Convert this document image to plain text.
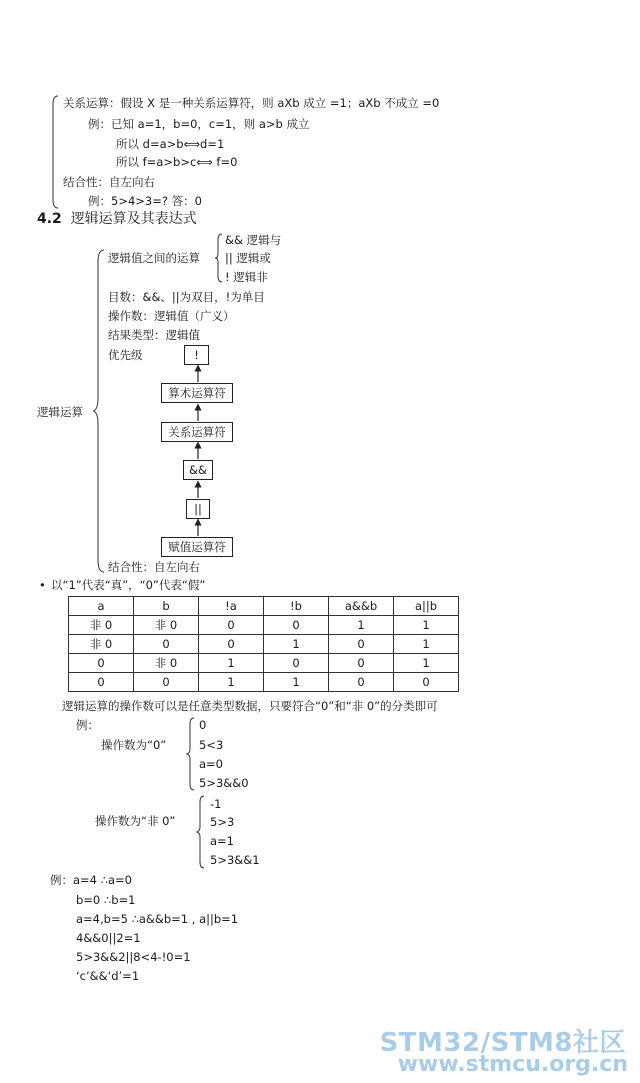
关系运算：假设 X 是一种关系运算符，则 aXb 成立 =1；aXb 不成立 =0
例：已知 a=1，b=0，c=1，则 a>b 成立
所以 d=a>b⟺d=1
所以 f=a>b>c⟺ f=0
结合性：自左向右
例：5>4>3=? 答：0
4.2 逻辑运算及其表达式
逻辑运算
逻辑值之间的运算
&& 逻辑与
|| 逻辑或
! 逻辑非
目数：&&、||为双目，!为单目
操作数：逻辑值（广义）
结果类型：逻辑值
优先级	!
算术运算符
关系运算符
&&
||
赋值运算符
结合性：自左向右
• 以“1”代表“真”，“0”代表“假”
a	b	!a	!b	a&&b	a||b
非 0	非 0	0	0	1	1
非 0	0	0	1	0	1
0	非 0	1	0	0	1
0	0	1	1	0	0
逻辑运算的操作数可以是任意类型数据，只要符合“0”和“非 0”的分类即可
例：
操作数为“0”
0
5<3
a=0
5>3&&0
操作数为“非 0”
-1
5>3
a=1
5>3&&1
例：a=4 ∴a=0
b=0 ∴b=1
a=4,b=5 ∴a&&b=1 , a||b=1
4&&0||2=1
5>3&&2||8<4-!0=1
‘c’&&‘d’=1
STM32/STM8社区
www.stmcu.org.cn
